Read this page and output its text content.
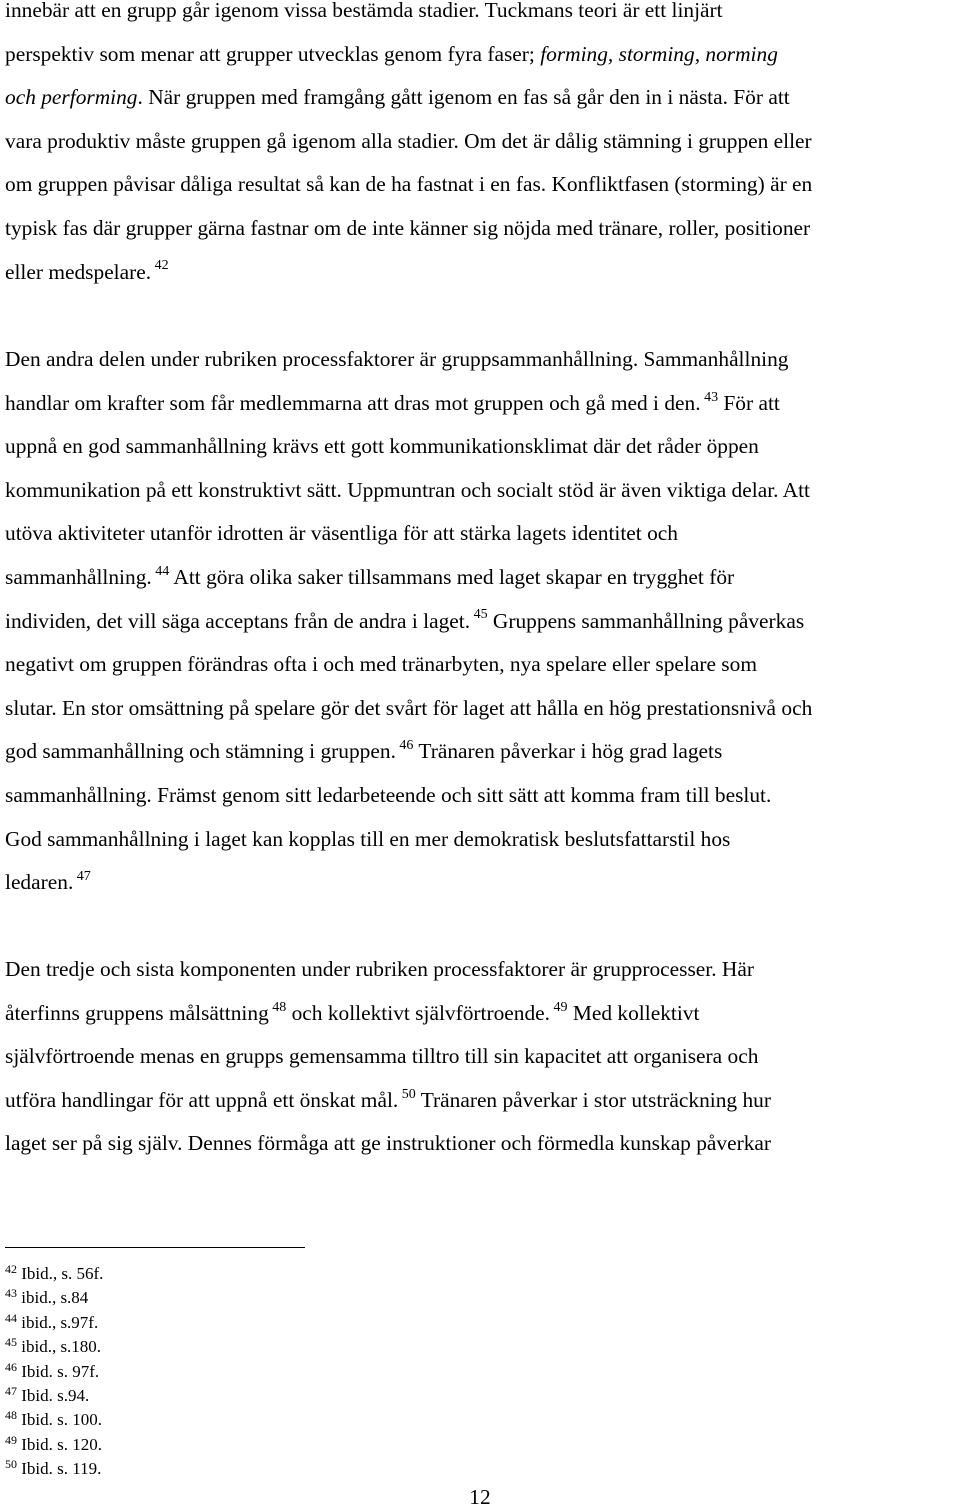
innebär att en grupp går igenom vissa bestämda stadier. Tuckmans teori är ett linjärt
perspektiv som menar att grupper utvecklas genom fyra faser; forming, storming, norming
och performing. När gruppen med framgång gått igenom en fas så går den in i nästa. För att
vara produktiv måste gruppen gå igenom alla stadier. Om det är dålig stämning i gruppen eller
om gruppen påvisar dåliga resultat så kan de ha fastnat i en fas. Konfliktfasen (storming) är en
typisk fas där grupper gärna fastnar om de inte känner sig nöjda med tränare, roller, positioner
eller medspelare. $^{42}$
Den andra delen under rubriken processfaktorer är gruppsammanhållning. Sammanhållning
handlar om krafter som får medlemmarna att dras mot gruppen och gå med i den. $^{43}$ För att
uppnå en god sammanhållning krävs ett gott kommunikationsklimat där det råder öppen
kommunikation på ett konstruktivt sätt. Uppmuntran och socialt stöd är även viktiga delar. Att
utöva aktiviteter utanför idrotten är väsentliga för att stärka lagets identitet och
sammanhållning. $^{44}$ Att göra olika saker tillsammans med laget skapar en trygghet för
individen, det vill säga acceptans från de andra i laget. $^{45}$ Gruppens sammanhållning påverkas
negativt om gruppen förändras ofta i och med tränarbyten, nya spelare eller spelare som
slutar. En stor omsättning på spelare gör det svårt för laget att hålla en hög prestationsnivå och
god sammanhållning och stämning i gruppen. $^{46}$ Tränaren påverkar i hög grad lagets
sammanhållning. Främst genom sitt ledarbeteende och sitt sätt att komma fram till beslut.
God sammanhållning i laget kan kopplas till en mer demokratisk beslutsfattarstil hos
ledaren. $^{47}$
Den tredje och sista komponenten under rubriken processfaktorer är grupprocesser. Här
återfinns gruppens målsättning $^{48}$ och kollektivt självförtroende. $^{49}$ Med kollektivt
självförtroende menas en grupps gemensamma tilltro till sin kapacitet att organisera och
utföra handlingar för att uppnå ett önskat mål. $^{50}$ Tränaren påverkar i stor utsträckning hur
laget ser på sig själv. Dennes förmåga att ge instruktioner och förmedla kunskap påverkar
$^{42}$ Ibid., s. 56f.
$^{43}$ ibid., s.84
$^{44}$ ibid., s.97f.
$^{45}$ ibid., s.180.
$^{46}$ Ibid. s. 97f.
$^{47}$ Ibid. s.94.
$^{48}$ Ibid. s. 100.
$^{49}$ Ibid. s. 120.
$^{50}$ Ibid. s. 119.
12
